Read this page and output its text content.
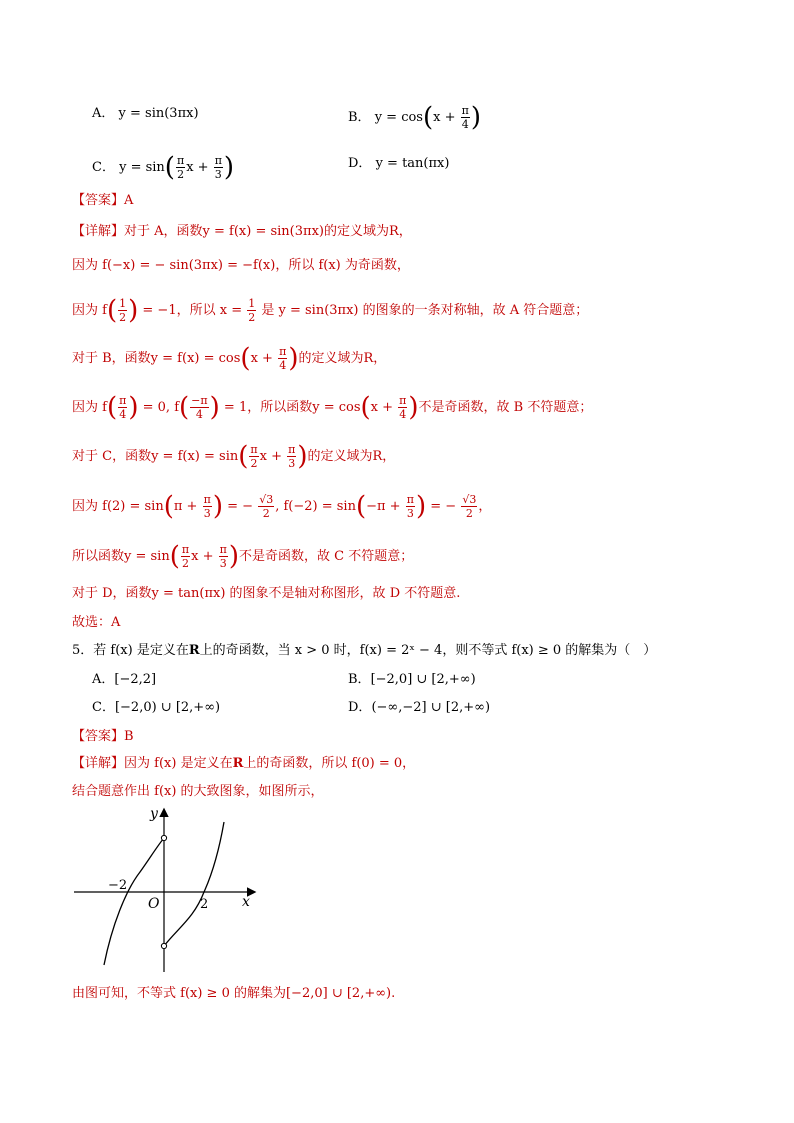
A． y = sin(3πx)	B． $y = \cos(x + \frac{\pi}{4}$ )
C． $y = \sin( \frac{\pi}{2}$ $x + \frac{\pi}{3}$ )	D． y = tan(πx)
【答案】A
【详解】对于 A，函数y = f(x) = sin(3πx)的定义域为R，
因为 f(−x) = − sin(3πx) = −f(x)，所以 f(x) 为奇函数，
因为 $f( \frac{1}{2}$ ) = −1，所以 $x = \frac{1}{2}$ 是 y = sin(3πx) 的图象的一条对称轴，故 A 符合题意；
对于 B，函数$y = f(x) = \cos(x + \frac{\pi}{4}$ )的定义域为R，
因为 $f( \frac{\pi}{4}$ ) = 0, $f( \frac{-\pi}{4}$ ) = 1，所以函数$y = \cos(x + \frac{\pi}{4}$ )不是奇函数，故 B 不符题意；
对于 C，函数$y = f(x) = \sin( \frac{\pi}{2}$ $x + \frac{\pi}{3}$ )的定义域为R，
因为 $f(2) = \sin(\pi + \frac{\pi}{3}$ ) = − $\frac{√3}{2}$ , $f(-2) = \sin(-\pi + \frac{\pi}{3}$ ) = − $\frac{√3}{2}$ ，
所以函数$y = \sin( \frac{\pi}{2}$ $x + \frac{\pi}{3}$ )不是奇函数，故 C 不符题意；
对于 D，函数y = tan(πx) 的图象不是轴对称图形，故 D 不符题意.
故选：A
5．若 f(x) 是定义在R上的奇函数，当 x > 0 时，f(x) = 2ˣ − 4，则不等式 f(x) ≥ 0 的解集为（　）
A．[−2,2]	B．[−2,0] ∪ [2,+∞)
C．[−2,0) ∪ [2,+∞)	D．(−∞,−2] ∪ [2,+∞)
【答案】B
【详解】因为 f(x) 是定义在R上的奇函数，所以 f(0) = 0，
结合题意作出 f(x) 的大致图象，如图所示，
y
x
O
−2
2
由图可知，不等式 f(x) ≥ 0 的解集为[−2,0] ∪ [2,+∞).
